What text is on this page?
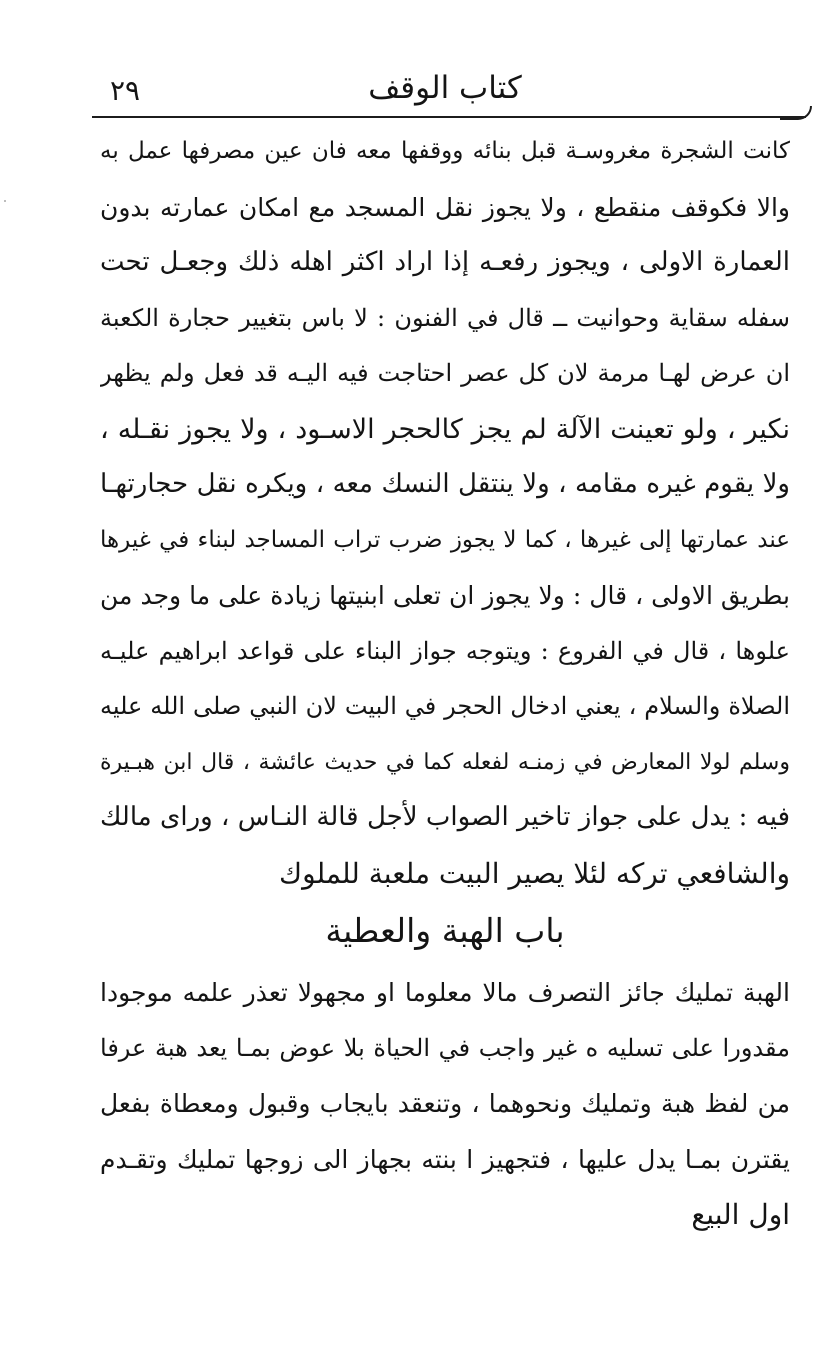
٢٩	كتاب الوقف
كانت الشجرة مغروسـة قبل بنائه ووقفها معه فان عين مصرفها عمل به
والا فكوقف منقطع ، ولا يجوز نقل المسجد مع امكان عمارته بدون
العمارة الاولى ، ويجوز رفعـه إذا اراد اكثر اهله ذلك وجعـل تحت
سفله سقاية وحوانيت ــ قال في الفنون : لا باس بتغيير حجارة الكعبة
ان عرض لهـا مرمة لان كل عصر احتاجت فيه اليـه قد فعل ولم يظهر
نكير ، ولو تعينت الآلة لم يجز كالحجر الاسـود ، ولا يجوز نقـله ،
ولا يقوم غيره مقامه ، ولا ينتقل النسك معه ، ويكره نقل حجارتهـا
عند عمارتها إلى غيرها ، كما لا يجوز ضرب تراب المساجد لبناء في غيرها
بطريق الاولى ، قال : ولا يجوز ان تعلى ابنيتها زيادة على ما وجد من
علوها ، قال في الفروع : ويتوجه جواز البناء على قواعد ابراهيم عليـه
الصلاة والسلام ، يعني ادخال الحجر في البيت لان النبي صلى الله عليه
وسلم لولا المعارض في زمنـه لفعله كما في حديث عائشة ، قال ابن هبـيرة
فيه : يدل على جواز تاخير الصواب لأجل قالة النـاس ، وراى مالك
والشافعي تركه لئلا يصير البيت ملعبة للملوك
باب الهبة والعطية
الهبة تمليك جائز التصرف مالا معلوما او مجهولا تعذر علمه موجودا
مقدورا على تسليه ه غير واجب في الحياة بلا عوض بمـا يعد هبة عرفا
من لفظ هبة وتمليك ونحوهما ، وتنعقد بايجاب وقبول ومعطاة بفعل
يقترن بمـا يدل عليها ، فتجهيز ا بنته بجهاز الى زوجها تمليك وتقـدم
اول البيع
